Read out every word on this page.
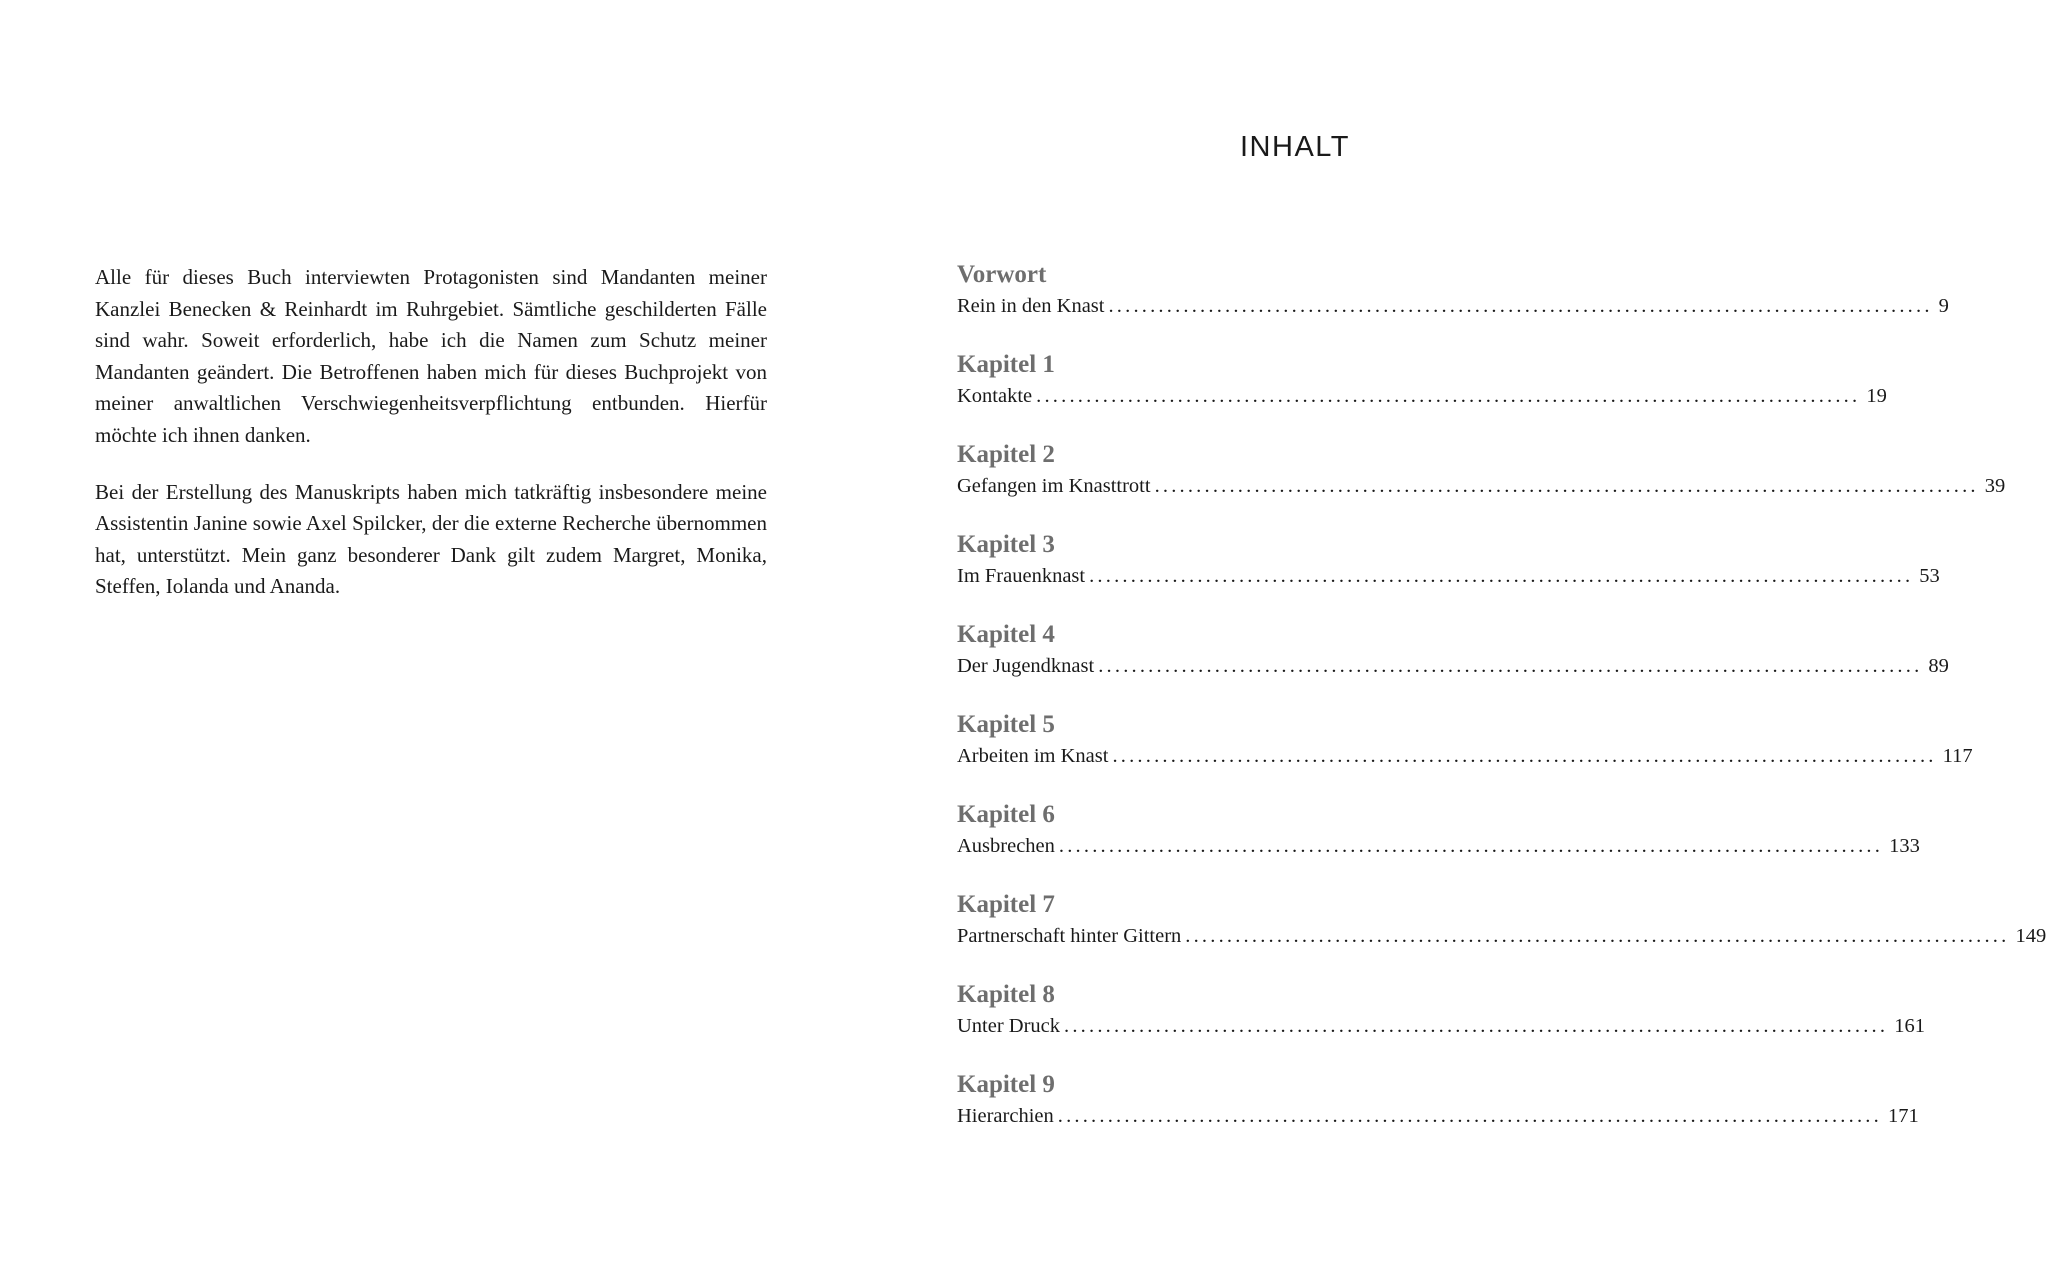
Alle für dieses Buch interviewten Protagonisten sind Mandanten meiner Kanzlei Benecken & Reinhardt im Ruhrgebiet. Sämtliche geschilderten Fälle sind wahr. Soweit erforderlich, habe ich die Namen zum Schutz meiner Mandanten geändert. Die Betroffenen haben mich für dieses Buchprojekt von meiner anwaltlichen Verschwiegenheitsverpflichtung entbunden. Hierfür möchte ich ihnen danken.

Bei der Erstellung des Manuskripts haben mich tatkräftig insbesondere meine Assistentin Janine sowie Axel Spilcker, der die externe Recherche übernommen hat, unterstützt. Mein ganz besonderer Dank gilt zudem Margret, Monika, Steffen, Iolanda und Ananda.

INHALT
Vorwort
Rein in den Knast ................................................................................................... 9
Kapitel 1
Kontakte ................................................................................................... 19
Kapitel 2
Gefangen im Knasttrott ................................................................................................... 39
Kapitel 3
Im Frauenknast ................................................................................................... 53
Kapitel 4
Der Jugendknast ................................................................................................... 89
Kapitel 5
Arbeiten im Knast ................................................................................................... 117
Kapitel 6
Ausbrechen ................................................................................................... 133
Kapitel 7
Partnerschaft hinter Gittern ................................................................................................... 149
Kapitel 8
Unter Druck ................................................................................................... 161
Kapitel 9
Hierarchien ................................................................................................... 171
